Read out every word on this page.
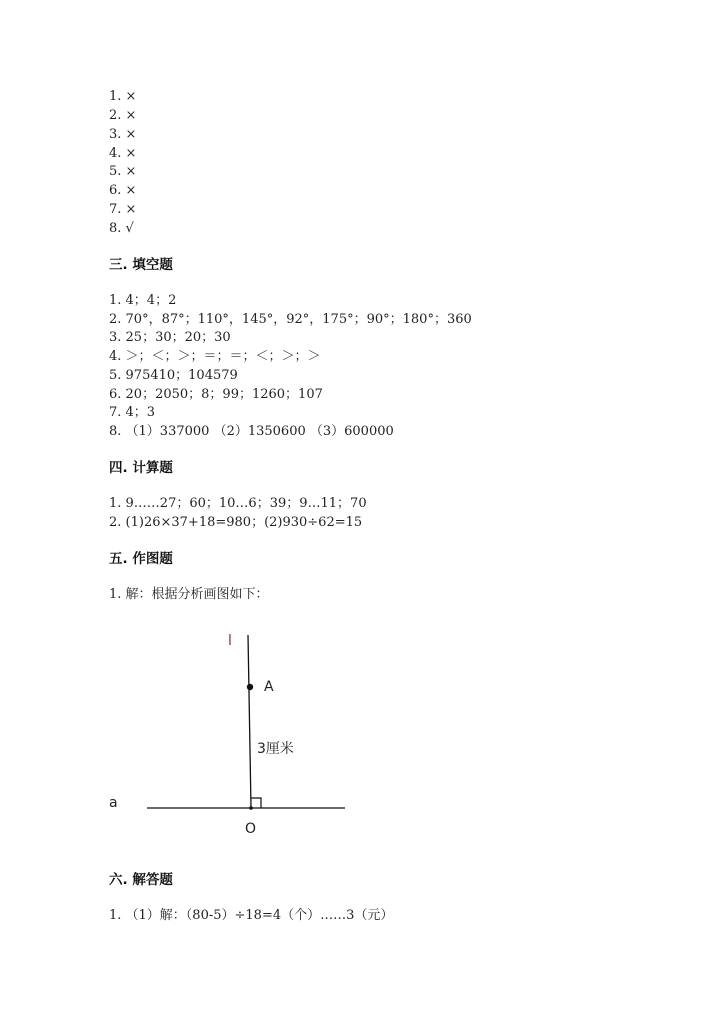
1. ×
2. ×
3. ×
4. ×
5. ×
6. ×
7. ×
8. √
三. 填空题
1. 4；4；2
2. 70°，87°；110°，145°，92°，175°；90°；180°；360
3. 25；30；20；30
4. ＞；＜；＞；＝；＝；＜；＞；＞
5. 975410；104579
6. 20；2050；8；99；1260；107
7. 4；3
8. （1）337000 （2）1350600 （3）600000
四. 计算题
1. 9……27；60；10…6；39；9…11；70
2. (1)26×37+18=980；(2)930÷62=15
五. 作图题
1. 解：根据分析画图如下：
l
A
3厘米
a
O
六. 解答题
1. （1）解：（80-5）÷18=4（个）……3（元）
